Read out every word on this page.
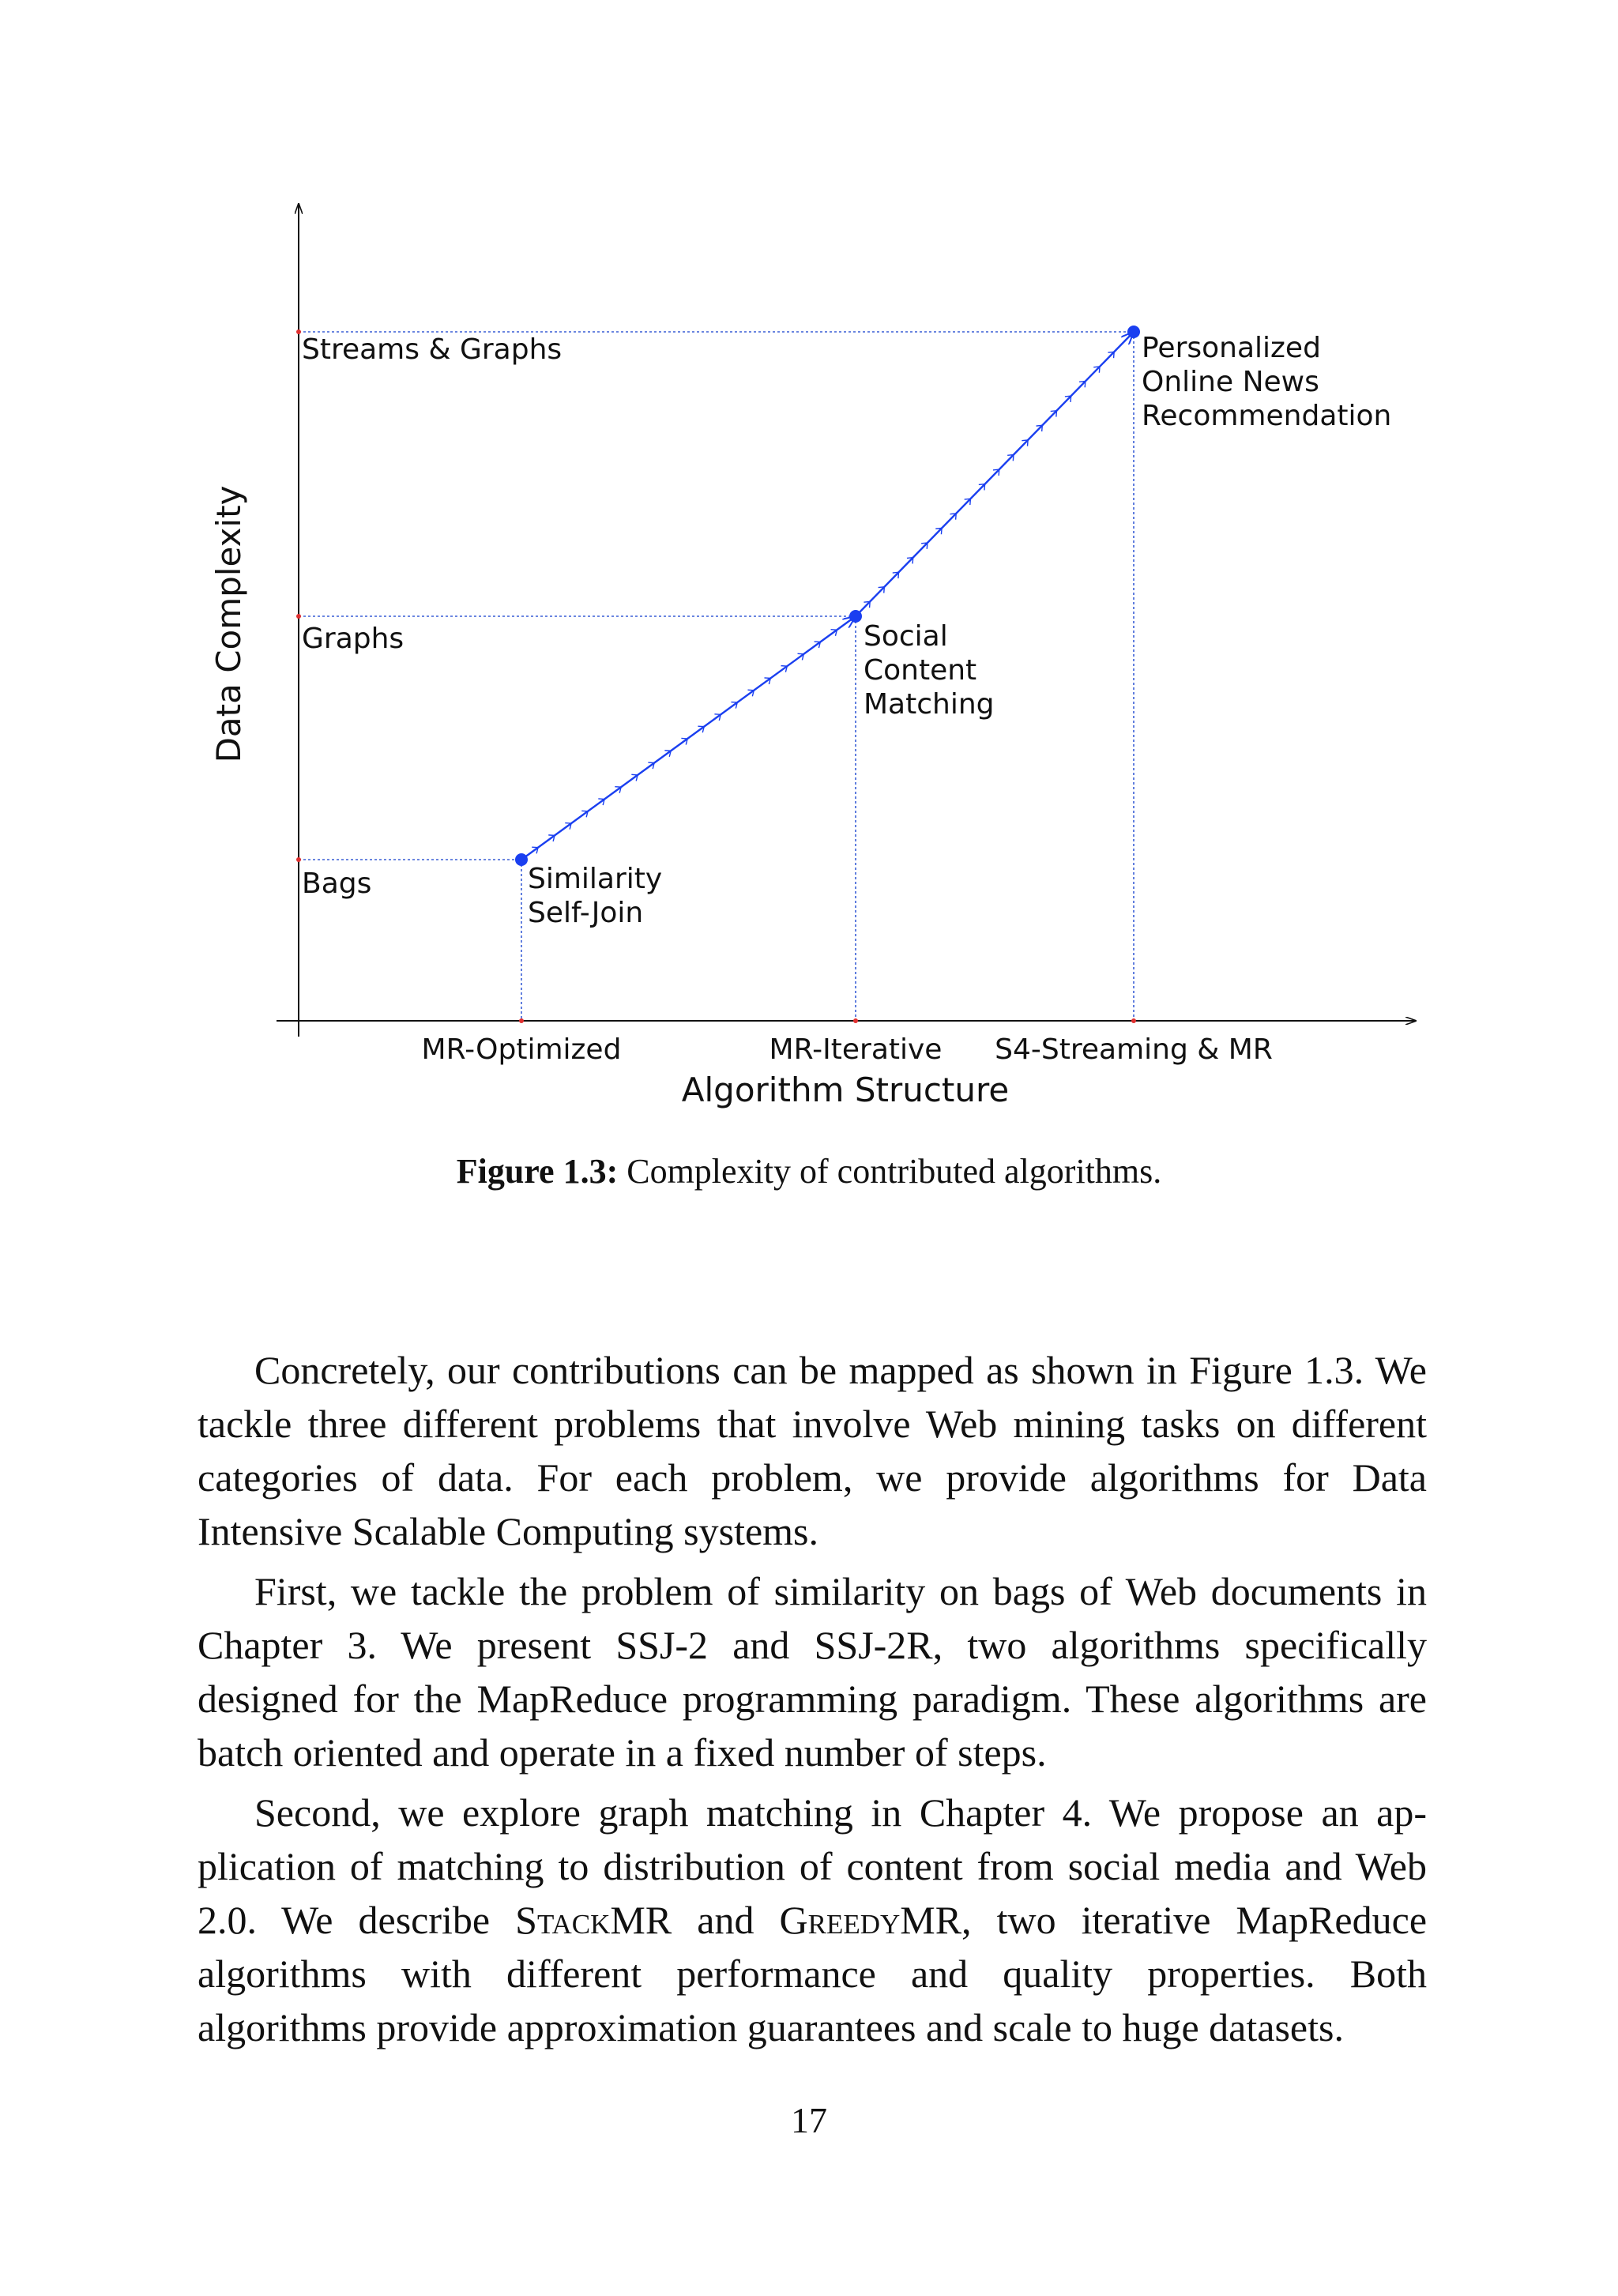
Streams & Graphs
Graphs
Bags
MR-Optimized	MR-Iterative S4-Streaming & MR
Similarity
Self-Join
Social
Content
Matching
Personalized
Online News
Recommendation
Algorithm Structure
Data Complexity
Figure 1.3: Complexity of contributed algorithms.

Concretely, our contributions can be mapped as shown in Figure 1.3. We tackle three different problems that involve Web mining tasks on different categories of data. For each problem, we provide algorithms for Data Intensive Scalable Computing systems.

First, we tackle the problem of similarity on bags of Web documents in Chapter 3. We present SSJ-2 and SSJ-2R, two algorithms specifically designed for the MapReduce programming paradigm. These algorithms are batch oriented and operate in a fixed number of steps.

Second, we explore graph matching in Chapter 4. We propose an application of matching to distribution of content from social media and Web 2.0. We describe StackMR and GreedyMR, two iterative MapReduce algorithms with different performance and quality properties. Both algorithms provide approximation guarantees and scale to huge datasets.

17
